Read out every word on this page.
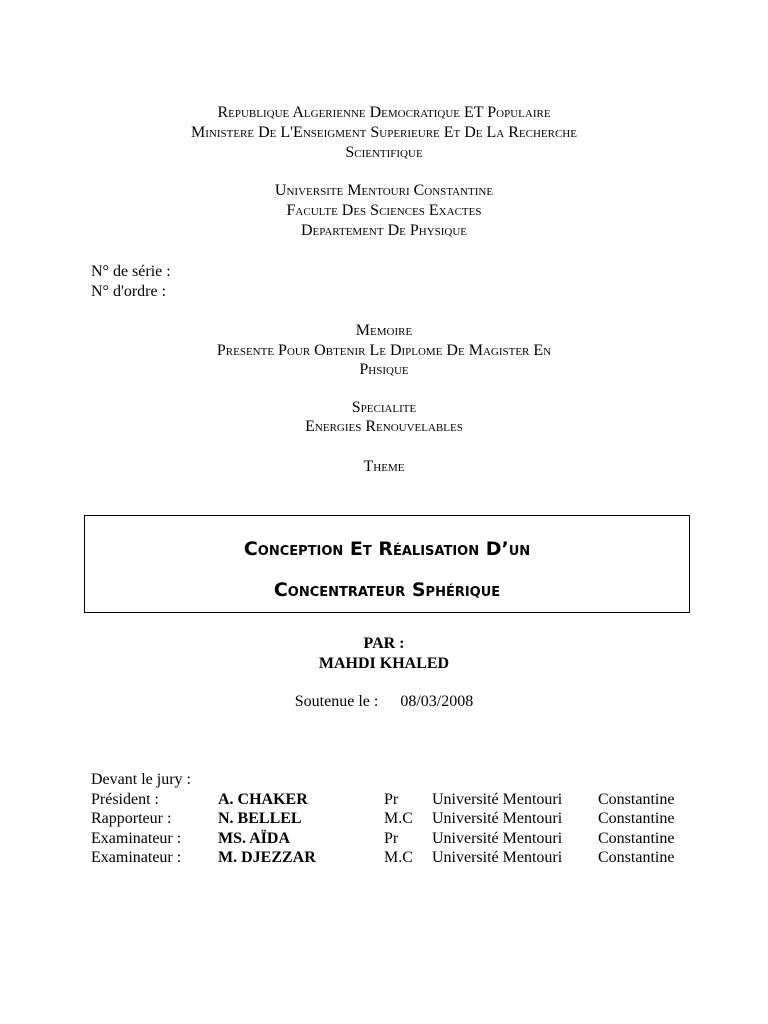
Republique Algerienne Democratique ET Populaire
Ministere De L'Enseigment Superieure Et De La Recherche
Scientifique
Universite Mentouri Constantine
Faculte Des Sciences Exactes
Departement De Physique
N° de série :
N° d'ordre :
Memoire
Presente Pour Obtenir Le Diplome De Magister En
Phsique
Specialite
Energies Renouvelables
Theme
Conception Et Réalisation D’un
Concentrateur Sphérique
PAR :
MAHDI KHALED
Soutenue le : 08/03/2008
Devant le jury :
Président :	A. CHAKER	Pr Université Mentouri Constantine
Rapporteur :	N. BELLEL	M.C Université Mentouri Constantine
Examinateur : MS. AÏDA	Pr Université Mentouri Constantine
Examinateur : M. DJEZZAR	M.C Université Mentouri Constantine
